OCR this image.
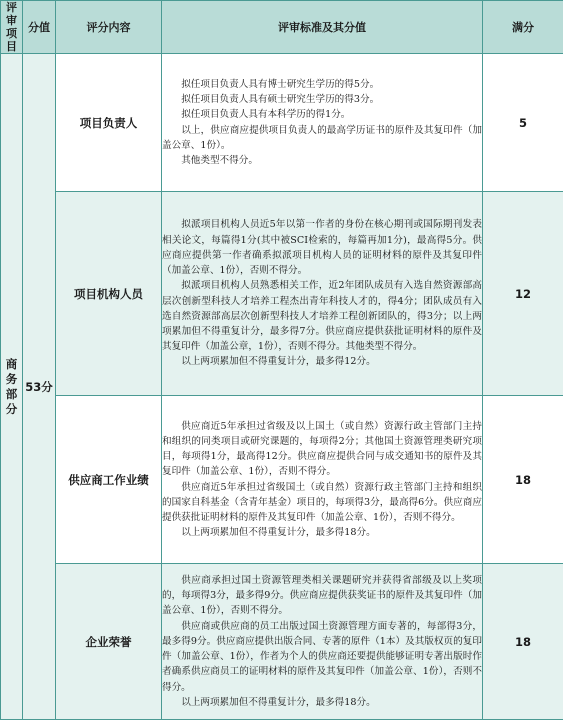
评审项目	分值	评分内容	评审标准及其分值	满分
商务部分	53分	项目负责人	拟任项目负责人具有博士研究生学历的得5分。

拟任项目负责人具有硕士研究生学历的得3分。

拟任项目负责人具有本科学历的得1分。

以上，供应商应提供项目负责人的最高学历证书的原件及其复印件（加盖公章、1份）。

其他类型不得分。	5
		项目机构人员	拟派项目机构人员近5年以第一作者的身份在核心期刊或国际期刊发表相关论文，每篇得1分(其中被SCI检索的，每篇再加1分)，最高得5分。供应商应提供第一作者确系拟派项目机构人员的证明材料的原件及其复印件（加盖公章、1份），否则不得分。

拟派项目机构人员熟悉相关工作，近2年团队成员有入选自然资源部高层次创新型科技人才培养工程杰出青年科技人才的，得4分；团队成员有入选自然资源部高层次创新型科技人才培养工程创新团队的，得3分；以上两项累加但不得重复计分，最多得7分。供应商应提供获批证明材料的原件及其复印件（加盖公章，1份），否则不得分。其他类型不得分。

以上两项累加但不得重复计分，最多得12分。	12
		供应商工作业绩	供应商近5年承担过省级及以上国土（或自然）资源行政主管部门主持和组织的同类项目或研究课题的，每项得2分；其他国土资源管理类研究项目，每项得1分，最高得12分。供应商应提供合同与成交通知书的原件及其复印件（加盖公章、1份），否则不得分。

供应商近5年承担过省级国土（或自然）资源行政主管部门主持和组织的国家自科基金（含青年基金）项目的，每项得3分，最高得6分。供应商应提供获批证明材料的原件及其复印件（加盖公章、1份），否则不得分。

以上两项累加但不得重复计分，最多得18分。	18
		企业荣誉	供应商承担过国土资源管理类相关课题研究并获得省部级及以上奖项的，每项得3分，最多得9分。供应商应提供获奖证书的原件及其复印件（加盖公章、1份），否则不得分。

供应商或供应商的员工出版过国土资源管理方面专著的，每部得3分，最多得9分。供应商应提供出版合同、专著的原件（1本）及其版权页的复印件（加盖公章、1份），作者为个人的供应商还要提供能够证明专著出版时作者确系供应商员工的证明材料的原件及其复印件（加盖公章、1份），否则不得分。

以上两项累加但不得重复计分，最多得18分。	18
